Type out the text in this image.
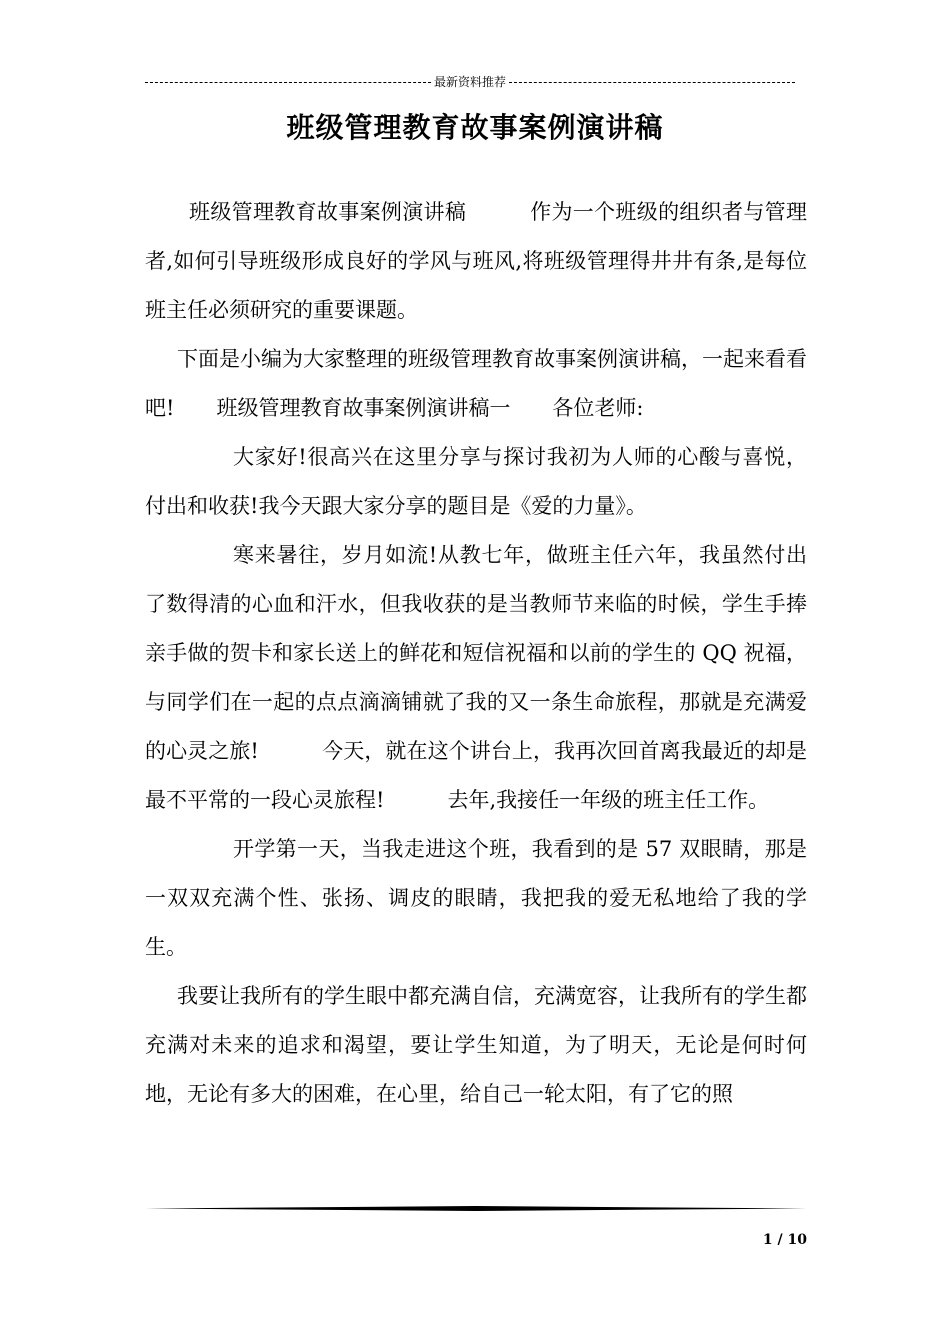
最新资料推荐
班级管理教育故事案例演讲稿

班级管理教育故事案例演讲稿　　　作为一个班级的组织者与管理者,如何引导班级形成良好的学风与班风,将班级管理得井井有条,是每位班主任必须研究的重要课题。

下面是小编为大家整理的班级管理教育故事案例演讲稿，一起来看看吧!　　班级管理教育故事案例演讲稿一　　各位老师:

大家好!很高兴在这里分享与探讨我初为人师的心酸与喜悦，付出和收获!我今天跟大家分享的题目是《爱的力量》。

寒来暑往，岁月如流!从教七年，做班主任六年，我虽然付出了数得清的心血和汗水，但我收获的是当教师节来临的时候，学生手捧亲手做的贺卡和家长送上的鲜花和短信祝福和以前的学生的 QQ 祝福，与同学们在一起的点点滴滴铺就了我的又一条生命旅程，那就是充满爱的心灵之旅!　　　今天，就在这个讲台上，我再次回首离我最近的却是最不平常的一段心灵旅程!　　　去年,我接任一年级的班主任工作。

开学第一天，当我走进这个班，我看到的是 57 双眼睛，那是一双双充满个性、张扬、调皮的眼睛，我把我的爱无私地给了我的学生。

我要让我所有的学生眼中都充满自信，充满宽容，让我所有的学生都充满对未来的追求和渴望，要让学生知道，为了明天，无论是何时何地，无论有多大的困难，在心里，给自己一轮太阳，有了它的照

1 / 10
